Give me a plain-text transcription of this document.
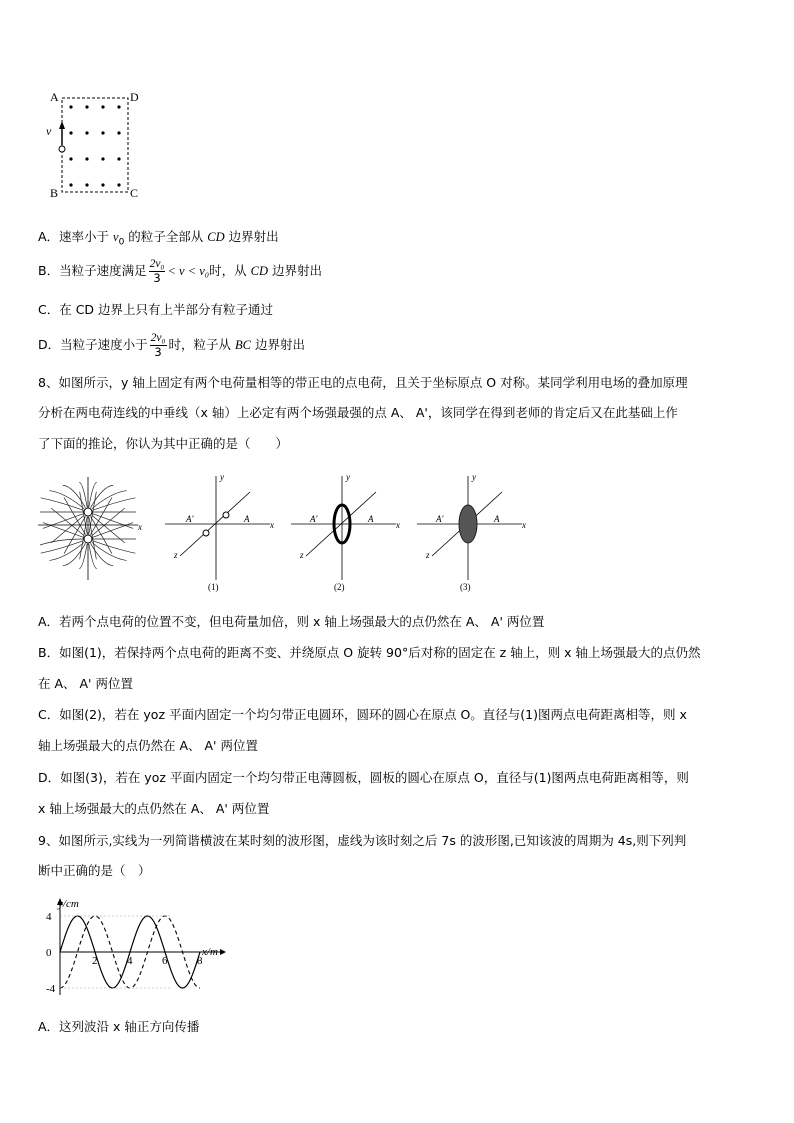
A	D
B	C
v
A．速率小于 $v_0$ 的粒子全部从 CD 边界射出
B．当粒子速度满足 $\frac{\text{2v₀}}{3} < v < v_0$时，从 CD 边界射出
C．在 CD 边界上只有上半部分有粒子通过
D．当粒子速度小于 $\frac{\text{2v₀}}{3}$ 时，粒子从 BC 边界射出
8、如图所示，y 轴上固定有两个电荷量相等的带正电的点电荷，且关于坐标原点 O 对称。某同学利用电场的叠加原理
分析在两电荷连线的中垂线（x 轴）上必定有两个场强最强的点 A、 A'，该同学在得到老师的肯定后又在此基础上作
了下面的推论，你认为其中正确的是（　　）
x
y
x
z
A
A'
(1)
y
x
z
A
A'
(2)
y
x
z
A
A'
(3)
A．若两个点电荷的位置不变，但电荷量加倍，则 x 轴上场强最大的点仍然在 A、 A' 两位置
B．如图(1)，若保持两个点电荷的距离不变、并绕原点 O 旋转 90°后对称的固定在 z 轴上，则 x 轴上场强最大的点仍然
在 A、 A' 两位置
C．如图(2)，若在 yoz 平面内固定一个均匀带正电圆环，圆环的圆心在原点 O。直径与(1)图两点电荷距离相等，则 x
轴上场强最大的点仍然在 A、 A' 两位置
D．如图(3)，若在 yoz 平面内固定一个均匀带正电薄圆板，圆板的圆心在原点 O，直径与(1)图两点电荷距离相等，则
x 轴上场强最大的点仍然在 A、 A' 两位置
9、如图所示,实线为一列简谐横波在某时刻的波形图，虚线为该时刻之后 7s 的波形图,已知该波的周期为 4s,则下列判
断中正确的是（　）
y/cm
x/m
4
0
-4
2	4	6	8
A．这列波沿 x 轴正方向传播
